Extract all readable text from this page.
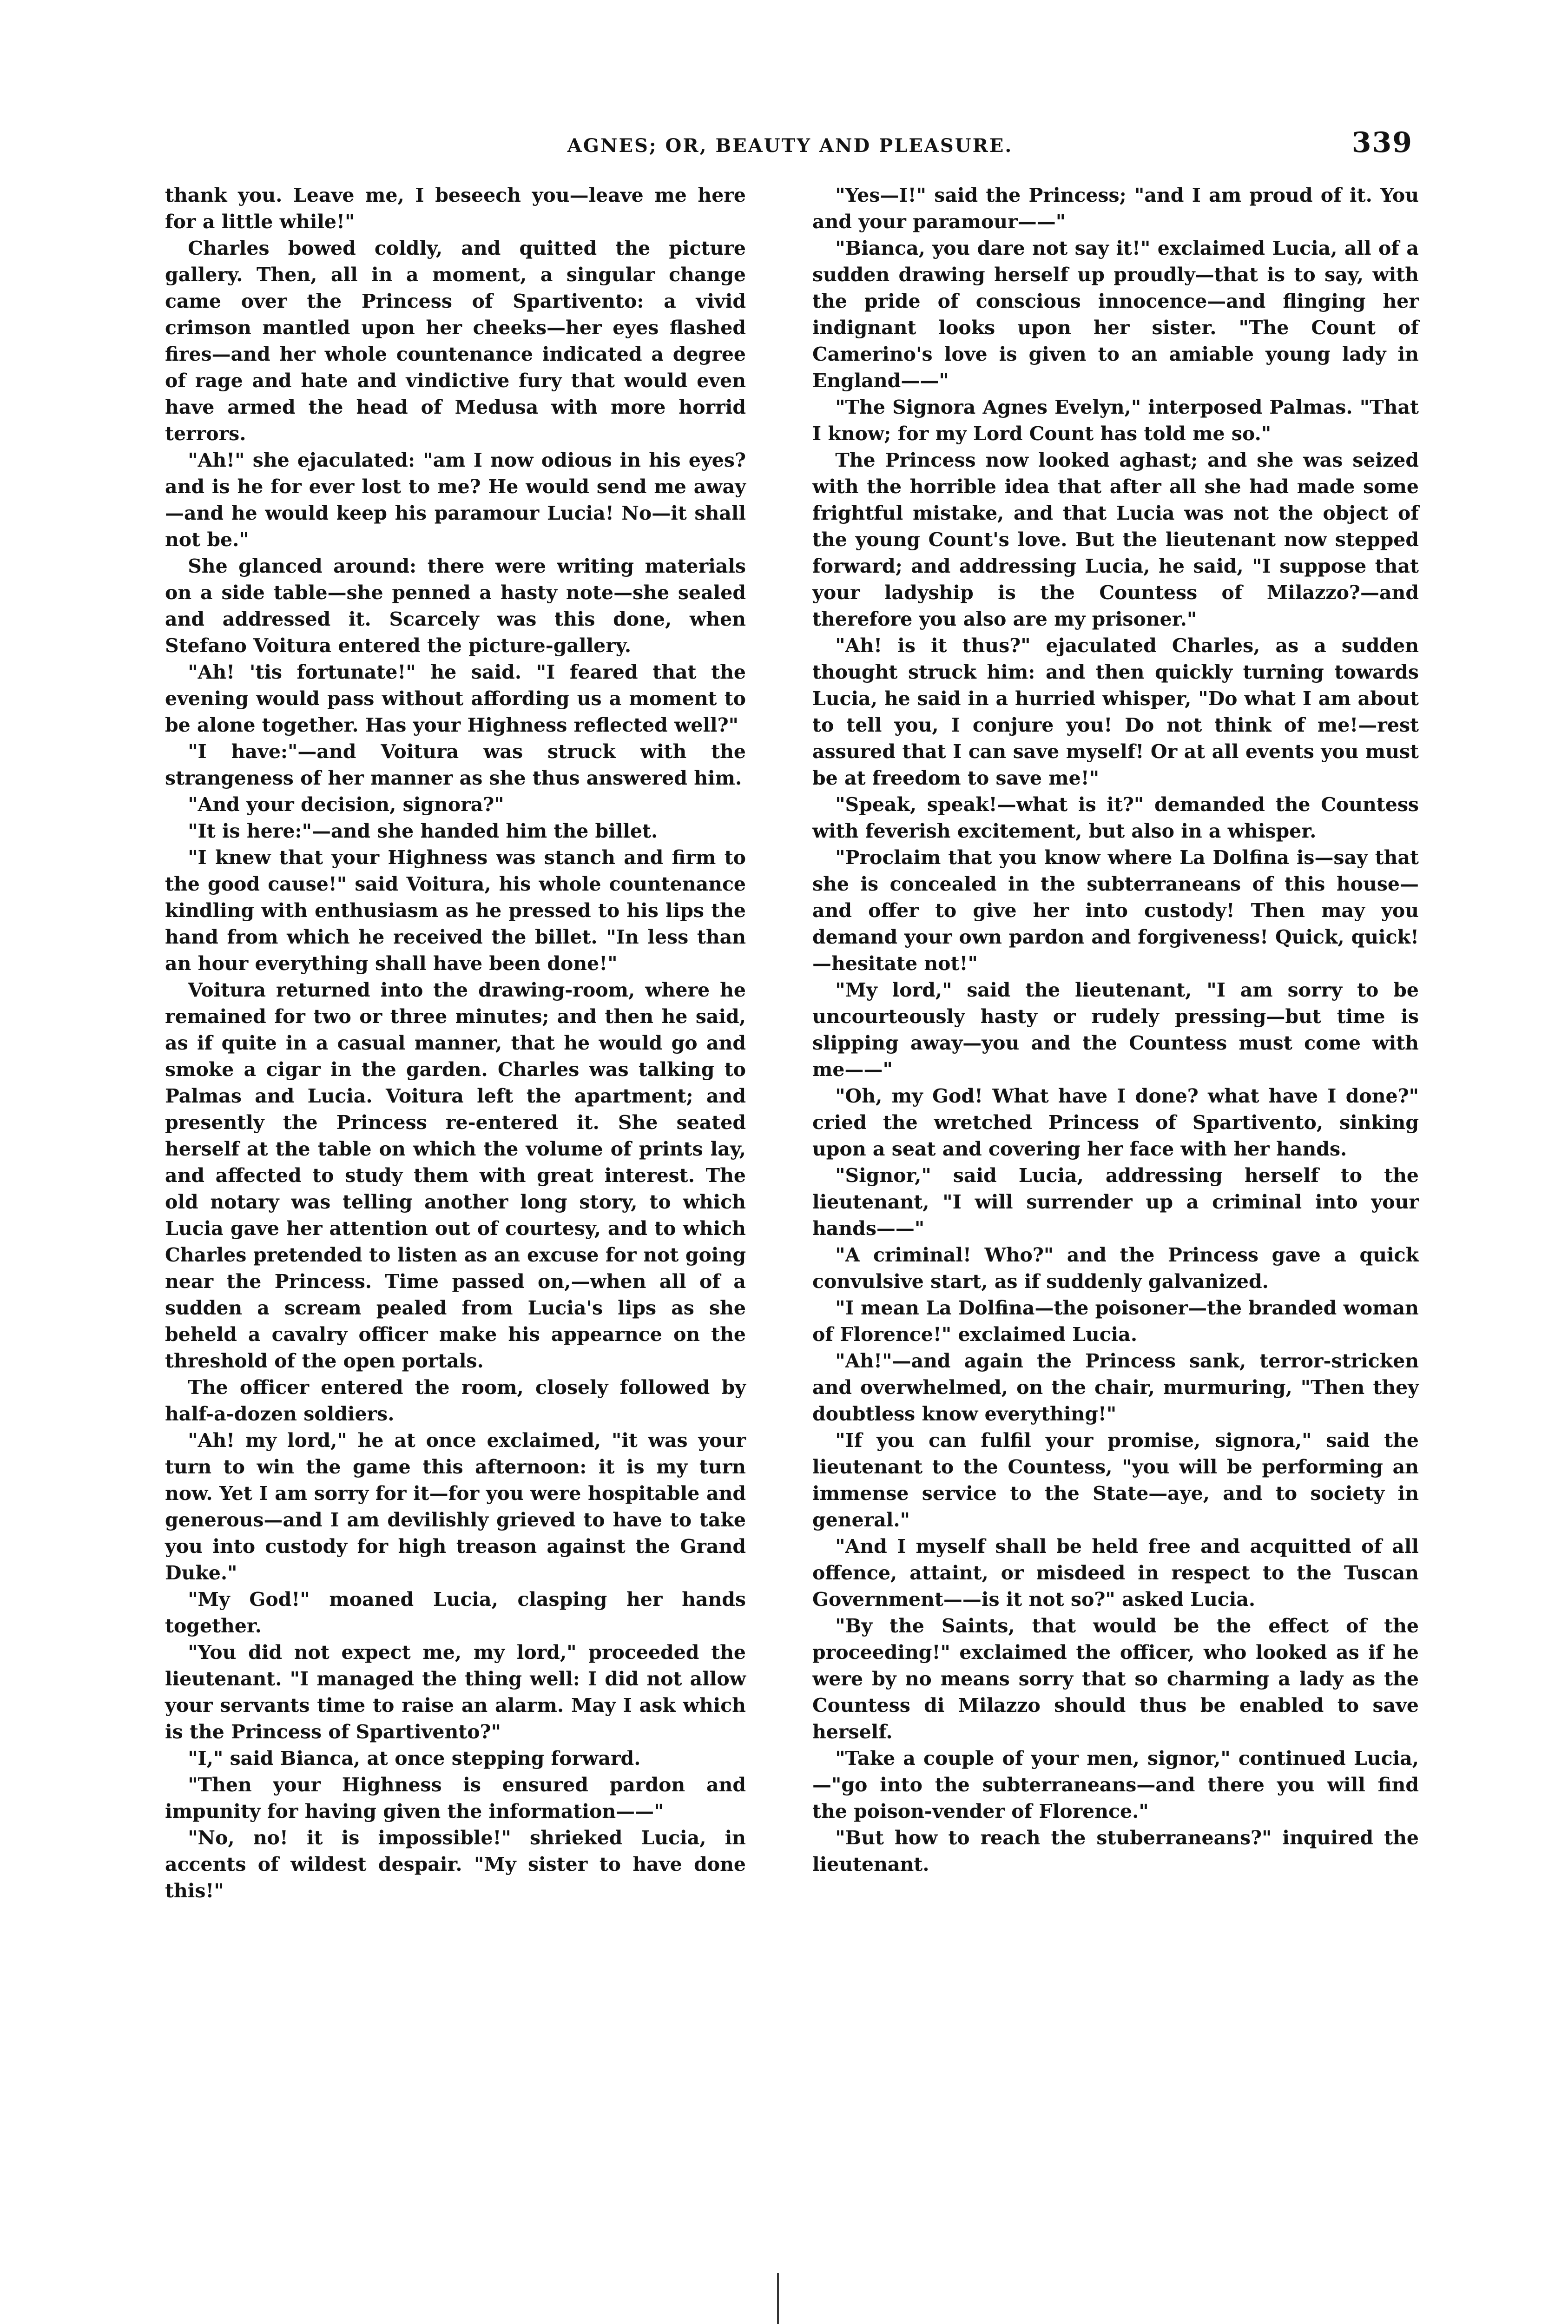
AGNES; OR, BEAUTY AND PLEASURE.	339

thank you. Leave me, I beseech you—leave me here for a little while!"

Charles bowed coldly, and quitted the picture gallery. Then, all in a moment, a singular change came over the Princess of Spartivento: a vivid crimson mantled upon her cheeks—her eyes flashed fires—and her whole countenance indicated a degree of rage and hate and vindictive fury that would even have armed the head of Medusa with more horrid terrors.

"Ah!" she ejaculated: "am I now odious in his eyes? and is he for ever lost to me? He would send me away—and he would keep his paramour Lucia! No—it shall not be."

She glanced around: there were writing materials on a side table—she penned a hasty note—she sealed and addressed it. Scarcely was this done, when Stefano Voitura entered the picture-gallery.

"Ah! 'tis fortunate!" he said. "I feared that the evening would pass without affording us a moment to be alone together. Has your Highness reflected well?"

"I have:"—and Voitura was struck with the strangeness of her manner as she thus answered him.

"And your decision, signora?"

"It is here:"—and she handed him the billet.

"I knew that your Highness was stanch and firm to the good cause!" said Voitura, his whole countenance kindling with enthusiasm as he pressed to his lips the hand from which he received the billet. "In less than an hour everything shall have been done!"

Voitura returned into the drawing-room, where he remained for two or three minutes; and then he said, as if quite in a casual manner, that he would go and smoke a cigar in the garden. Charles was talking to Palmas and Lucia. Voitura left the apartment; and presently the Princess re-entered it. She seated herself at the table on which the volume of prints lay, and affected to study them with great interest. The old notary was telling another long story, to which Lucia gave her attention out of courtesy, and to which Charles pretended to listen as an excuse for not going near the Princess. Time passed on,—when all of a sudden a scream pealed from Lucia's lips as she beheld a cavalry officer make his appearnce on the threshold of the open portals.

The officer entered the room, closely followed by half-a-dozen soldiers.

"Ah! my lord," he at once exclaimed, "it was your turn to win the game this afternoon: it is my turn now. Yet I am sorry for it—for you were hospitable and generous—and I am devilishly grieved to have to take you into custody for high treason against the Grand Duke."

"My God!" moaned Lucia, clasping her hands together.

"You did not expect me, my lord," proceeded the lieutenant. "I managed the thing well: I did not allow your servants time to raise an alarm. May I ask which is the Princess of Spartivento?"

"I," said Bianca, at once stepping forward.

"Then your Highness is ensured pardon and impunity for having given the information——"

"No, no! it is impossible!" shrieked Lucia, in accents of wildest despair. "My sister to have done this!"

"Yes—I!" said the Princess; "and I am proud of it. You and your paramour——"

"Bianca, you dare not say it!" exclaimed Lucia, all of a sudden drawing herself up proudly—that is to say, with the pride of conscious innocence—and flinging her indignant looks upon her sister. "The Count of Camerino's love is given to an amiable young lady in England——"

"The Signora Agnes Evelyn," interposed Palmas. "That I know; for my Lord Count has told me so."

The Princess now looked aghast; and she was seized with the horrible idea that after all she had made some frightful mistake, and that Lucia was not the object of the young Count's love. But the lieutenant now stepped forward; and addressing Lucia, he said, "I suppose that your ladyship is the Countess of Milazzo?—and therefore you also are my prisoner."

"Ah! is it thus?" ejaculated Charles, as a sudden thought struck him: and then quickly turning towards Lucia, he said in a hurried whisper, "Do what I am about to tell you, I conjure you! Do not think of me!—rest assured that I can save myself! Or at all events you must be at freedom to save me!"

"Speak, speak!—what is it?" demanded the Countess with feverish excitement, but also in a whisper.

"Proclaim that you know where La Dolfina is—say that she is concealed in the subterraneans of this house—and offer to give her into custody! Then may you demand your own pardon and forgiveness! Quick, quick!—hesitate not!"

"My lord," said the lieutenant, "I am sorry to be uncourteously hasty or rudely pressing—but time is slipping away—you and the Countess must come with me——"

"Oh, my God! What have I done? what have I done?" cried the wretched Princess of Spartivento, sinking upon a seat and covering her face with her hands.

"Signor," said Lucia, addressing herself to the lieutenant, "I will surrender up a criminal into your hands——"

"A criminal! Who?" and the Princess gave a quick convulsive start, as if suddenly galvanized.

"I mean La Dolfina—the poisoner—the branded woman of Florence!" exclaimed Lucia.

"Ah!"—and again the Princess sank, terror-stricken and overwhelmed, on the chair, murmuring, "Then they doubtless know everything!"

"If you can fulfil your promise, signora," said the lieutenant to the Countess, "you will be performing an immense service to the State—aye, and to society in general."

"And I myself shall be held free and acquitted of all offence, attaint, or misdeed in respect to the Tuscan Government——is it not so?" asked Lucia.

"By the Saints, that would be the effect of the proceeding!" exclaimed the officer, who looked as if he were by no means sorry that so charming a lady as the Countess di Milazzo should thus be enabled to save herself.

"Take a couple of your men, signor," continued Lucia,—"go into the subterraneans—and there you will find the poison-vender of Florence."

"But how to reach the stuberraneans?" inquired the lieutenant.
